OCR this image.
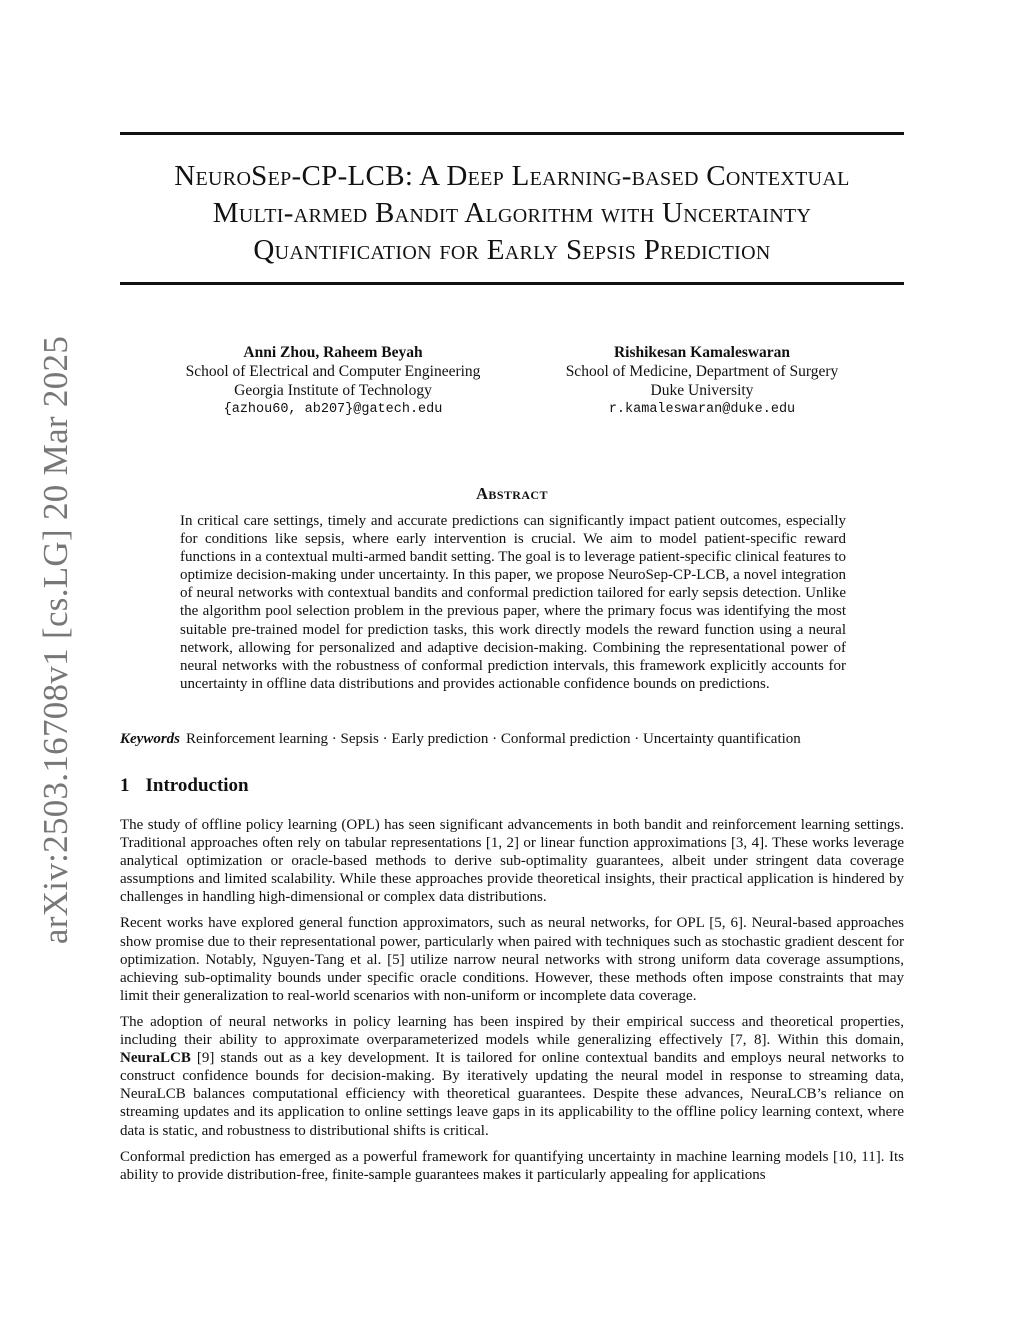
arXiv:2503.16708v1 [cs.LG] 20 Mar 2025
NeuroSep-CP-LCB: A Deep Learning-based Contextual
Multi-armed Bandit Algorithm with Uncertainty
Quantification for Early Sepsis Prediction
Anni Zhou, Raheem Beyah
School of Electrical and Computer Engineering
Georgia Institute of Technology
{azhou60, ab207}@gatech.edu
Rishikesan Kamaleswaran
School of Medicine, Department of Surgery
Duke University
r.kamaleswaran@duke.edu
Abstract
In critical care settings, timely and accurate predictions can significantly impact patient outcomes, especially for conditions like sepsis, where early intervention is crucial. We aim to model patient-specific reward functions in a contextual multi-armed bandit setting. The goal is to leverage patient-specific clinical features to optimize decision-making under uncertainty. In this paper, we propose NeuroSep-CP-LCB, a novel integration of neural networks with contextual bandits and conformal prediction tailored for early sepsis detection. Unlike the algorithm pool selection problem in the previous paper, where the primary focus was identifying the most suitable pre-trained model for prediction tasks, this work directly models the reward function using a neural network, allowing for personalized and adaptive decision-making. Combining the representational power of neural networks with the robustness of conformal prediction intervals, this framework explicitly accounts for uncertainty in offline data distributions and provides actionable confidence bounds on predictions.
Keywords Reinforcement learning · Sepsis · Early prediction · Conformal prediction · Uncertainty quantification
1 Introduction

The study of offline policy learning (OPL) has seen significant advancements in both bandit and reinforcement learning settings. Traditional approaches often rely on tabular representations [1, 2] or linear function approximations [3, 4]. These works leverage analytical optimization or oracle-based methods to derive sub-optimality guarantees, albeit under stringent data coverage assumptions and limited scalability. While these approaches provide theoretical insights, their practical application is hindered by challenges in handling high-dimensional or complex data distributions.

Recent works have explored general function approximators, such as neural networks, for OPL [5, 6]. Neural-based approaches show promise due to their representational power, particularly when paired with techniques such as stochastic gradient descent for optimization. Notably, Nguyen-Tang et al. [5] utilize narrow neural networks with strong uniform data coverage assumptions, achieving sub-optimality bounds under specific oracle conditions. However, these methods often impose constraints that may limit their generalization to real-world scenarios with non-uniform or incomplete data coverage.

The adoption of neural networks in policy learning has been inspired by their empirical success and theoretical properties, including their ability to approximate overparameterized models while generalizing effectively [7, 8]. Within this domain, NeuraLCB [9] stands out as a key development. It is tailored for online contextual bandits and employs neural networks to construct confidence bounds for decision-making. By iteratively updating the neural model in response to streaming data, NeuraLCB balances computational efficiency with theoretical guarantees. Despite these advances, NeuraLCB’s reliance on streaming updates and its application to online settings leave gaps in its applicability to the offline policy learning context, where data is static, and robustness to distributional shifts is critical.

Conformal prediction has emerged as a powerful framework for quantifying uncertainty in machine learning models [10, 11]. Its ability to provide distribution-free, finite-sample guarantees makes it particularly appealing for applications
